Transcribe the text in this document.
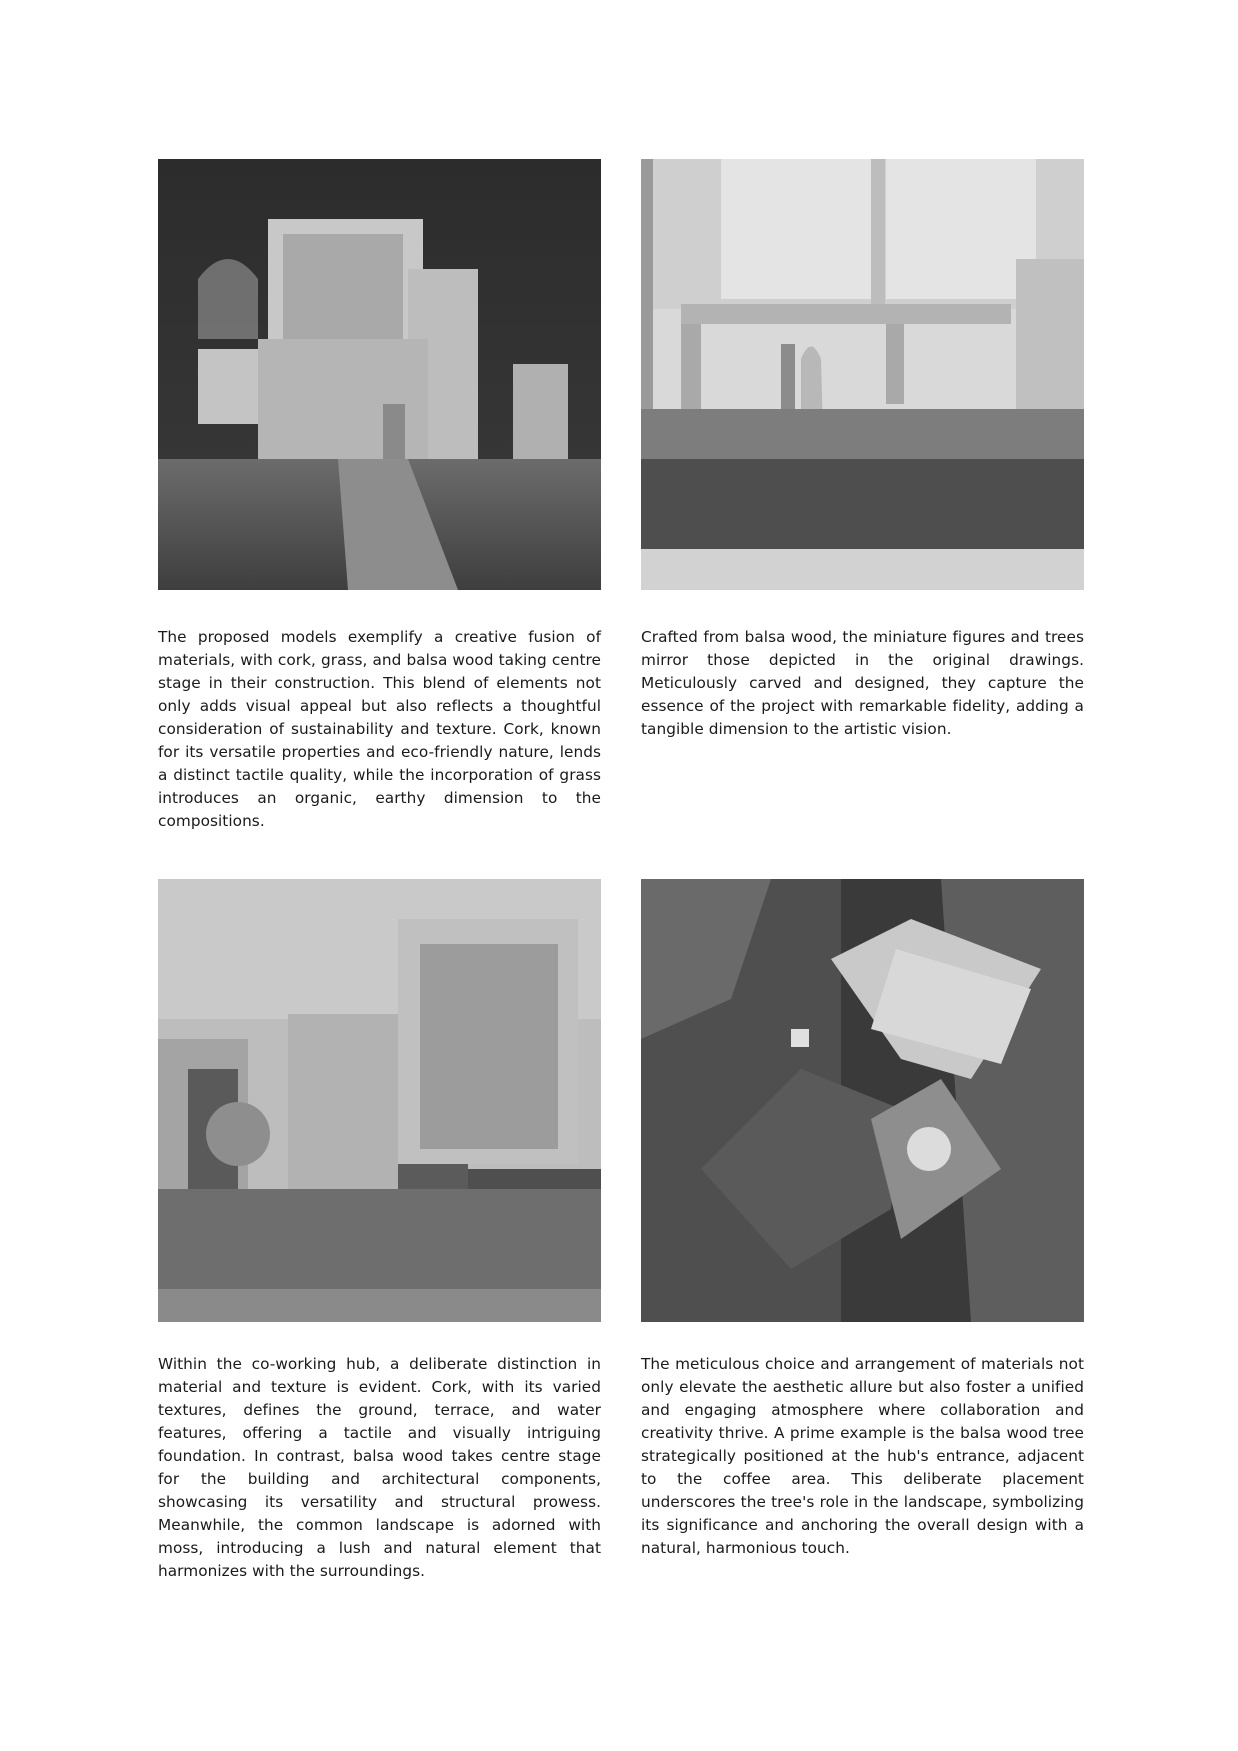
The proposed models exemplify a creative fusion of materials, with cork, grass, and balsa wood taking centre stage in their construction. This blend of elements not only adds visual appeal but also reflects a thoughtful consideration of sustainability and texture. Cork, known for its versatile properties and eco-friendly nature, lends a distinct tactile quality, while the incorporation of grass introduces an organic, earthy dimension to the compositions.

Crafted from balsa wood, the miniature figures and trees mirror those depicted in the original drawings. Meticulously carved and designed, they capture the essence of the project with remarkable fidelity, adding a tangible dimension to the artistic vision.

Within the co-working hub, a deliberate distinction in material and texture is evident. Cork, with its varied textures, defines the ground, terrace, and water features, offering a tactile and visually intriguing foundation. In contrast, balsa wood takes centre stage for the building and architectural components, showcasing its versatility and structural prowess. Meanwhile, the common landscape is adorned with moss, introducing a lush and natural element that harmonizes with the surroundings.

The meticulous choice and arrangement of materials not only elevate the aesthetic allure but also foster a unified and engaging atmosphere where collaboration and creativity thrive. A prime example is the balsa wood tree strategically positioned at the hub's entrance, adjacent to the coffee area. This deliberate placement underscores the tree's role in the landscape, symbolizing its significance and anchoring the overall design with a natural, harmonious touch.
